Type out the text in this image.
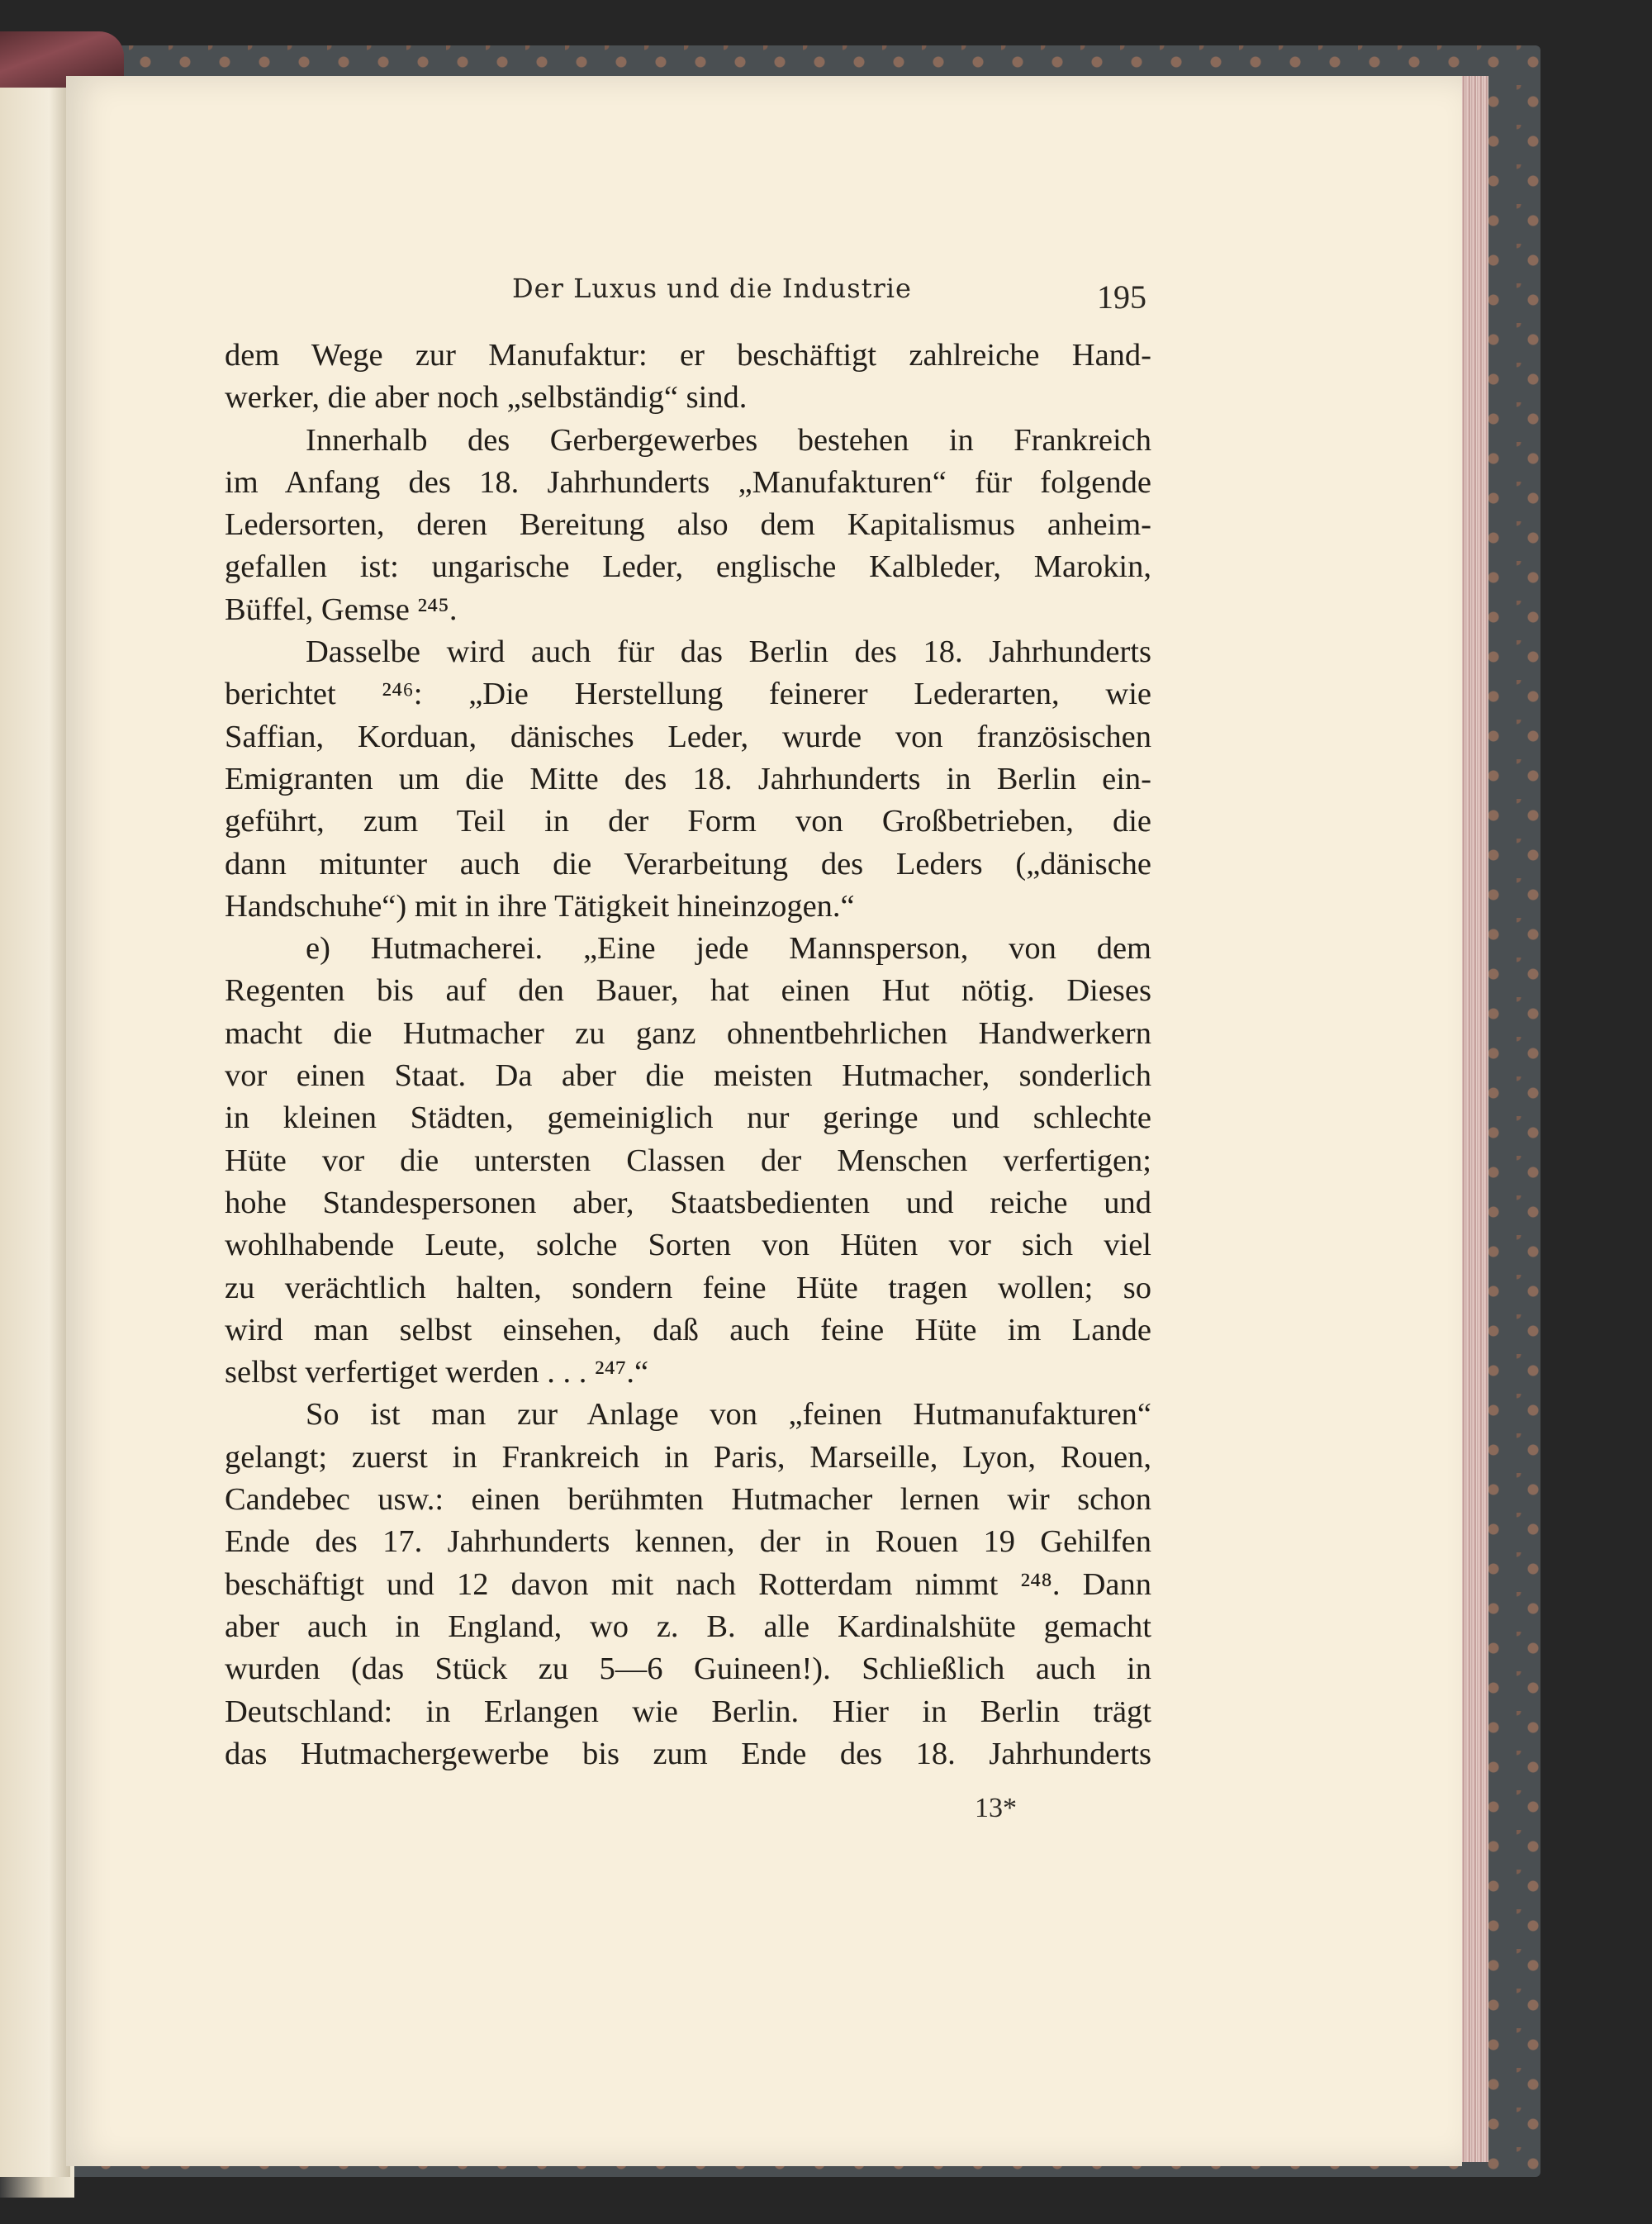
Der Luxus und die Industrie	195
dem Wege zur Manufaktur: er beschäftigt zahlreiche Hand-
werker, die aber noch „selbständig“ sind.
Innerhalb des Gerbergewerbes bestehen in Frankreich
im Anfang des 18. Jahrhunderts „Manufakturen“ für folgende
Ledersorten, deren Bereitung also dem Kapitalismus anheim-
gefallen ist: ungarische Leder, englische Kalbleder, Marokin,
Büffel, Gemse ²⁴⁵.
Dasselbe wird auch für das Berlin des 18. Jahrhunderts
berichtet ²⁴⁶: „Die Herstellung feinerer Lederarten, wie
Saffian, Korduan, dänisches Leder, wurde von französischen
Emigranten um die Mitte des 18. Jahrhunderts in Berlin ein-
geführt, zum Teil in der Form von Großbetrieben, die
dann mitunter auch die Verarbeitung des Leders („dänische
Handschuhe“) mit in ihre Tätigkeit hineinzogen.“
e) Hutmacherei. „Eine jede Mannsperson, von dem
Regenten bis auf den Bauer, hat einen Hut nötig. Dieses
macht die Hutmacher zu ganz ohnentbehrlichen Handwerkern
vor einen Staat. Da aber die meisten Hutmacher, sonderlich
in kleinen Städten, gemeiniglich nur geringe und schlechte
Hüte vor die untersten Classen der Menschen verfertigen;
hohe Standespersonen aber, Staatsbedienten und reiche und
wohlhabende Leute, solche Sorten von Hüten vor sich viel
zu verächtlich halten, sondern feine Hüte tragen wollen; so
wird man selbst einsehen, daß auch feine Hüte im Lande
selbst verfertiget werden . . . ²⁴⁷.“
So ist man zur Anlage von „feinen Hutmanufakturen“
gelangt; zuerst in Frankreich in Paris, Marseille, Lyon, Rouen,
Candebec usw.: einen berühmten Hutmacher lernen wir schon
Ende des 17. Jahrhunderts kennen, der in Rouen 19 Gehilfen
beschäftigt und 12 davon mit nach Rotterdam nimmt ²⁴⁸. Dann
aber auch in England, wo z. B. alle Kardinalshüte gemacht
wurden (das Stück zu 5—6 Guineen!). Schließlich auch in
Deutschland: in Erlangen wie Berlin. Hier in Berlin trägt
das Hutmachergewerbe bis zum Ende des 18. Jahrhunderts
13*
